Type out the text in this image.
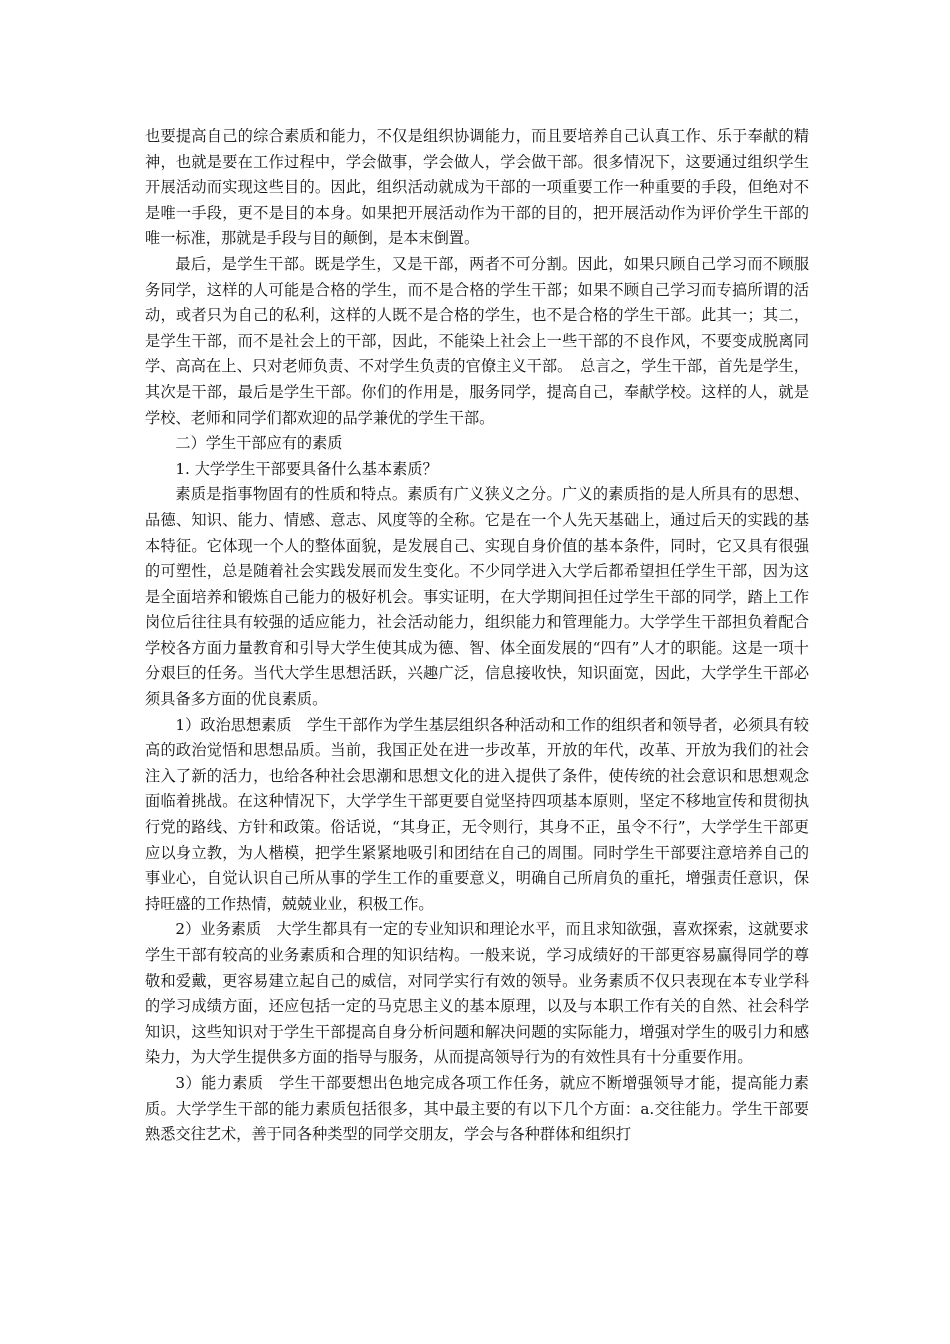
也要提高自己的综合素质和能力，不仅是组织协调能力，而且要培养自己认真工作、乐于奉献的精神，也就是要在工作过程中，学会做事，学会做人，学会做干部。很多情况下，这要通过组织学生开展活动而实现这些目的。因此，组织活动就成为干部的一项重要工作一种重要的手段，但绝对不是唯一手段，更不是目的本身。如果把开展活动作为干部的目的，把开展活动作为评价学生干部的唯一标准，那就是手段与目的颠倒，是本末倒置。

最后，是学生干部。既是学生，又是干部，两者不可分割。因此，如果只顾自己学习而不顾服务同学，这样的人可能是合格的学生，而不是合格的学生干部；如果不顾自己学习而专搞所谓的活动，或者只为自己的私利，这样的人既不是合格的学生，也不是合格的学生干部。此其一；其二，是学生干部，而不是社会上的干部，因此，不能染上社会上一些干部的不良作风，不要变成脱离同学、高高在上、只对老师负责、不对学生负责的官僚主义干部。　总言之，学生干部，首先是学生，其次是干部，最后是学生干部。你们的作用是，服务同学，提高自己，奉献学校。这样的人，就是学校、老师和同学们都欢迎的品学兼优的学生干部。

二）学生干部应有的素质

1. 大学学生干部要具备什么基本素质？

素质是指事物固有的性质和特点。素质有广义狭义之分。广义的素质指的是人所具有的思想、品德、知识、能力、情感、意志、风度等的全称。它是在一个人先天基础上，通过后天的实践的基本特征。它体现一个人的整体面貌，是发展自己、实现自身价值的基本条件，同时，它又具有很强的可塑性，总是随着社会实践发展而发生变化。不少同学进入大学后都希望担任学生干部，因为这是全面培养和锻炼自己能力的极好机会。事实证明，在大学期间担任过学生干部的同学，踏上工作岗位后往往具有较强的适应能力，社会活动能力，组织能力和管理能力。大学学生干部担负着配合学校各方面力量教育和引导大学生使其成为德、智、体全面发展的“四有”人才的职能。这是一项十分艰巨的任务。当代大学生思想活跃，兴趣广泛，信息接收快，知识面宽，因此，大学学生干部必须具备多方面的优良素质。

1）政治思想素质　学生干部作为学生基层组织各种活动和工作的组织者和领导者，必须具有较高的政治觉悟和思想品质。当前，我国正处在进一步改革，开放的年代，改革、开放为我们的社会注入了新的活力，也给各种社会思潮和思想文化的进入提供了条件，使传统的社会意识和思想观念面临着挑战。在这种情况下，大学学生干部更要自觉坚持四项基本原则，坚定不移地宣传和贯彻执行党的路线、方针和政策。俗话说，“其身正，无令则行，其身不正，虽令不行”，大学学生干部更应以身立教，为人楷模，把学生紧紧地吸引和团结在自己的周围。同时学生干部要注意培养自己的事业心，自觉认识自己所从事的学生工作的重要意义，明确自己所肩负的重托，增强责任意识，保持旺盛的工作热情，兢兢业业，积极工作。

2）业务素质　大学生都具有一定的专业知识和理论水平，而且求知欲强，喜欢探索，这就要求学生干部有较高的业务素质和合理的知识结构。一般来说，学习成绩好的干部更容易赢得同学的尊敬和爱戴，更容易建立起自己的威信，对同学实行有效的领导。业务素质不仅只表现在本专业学科的学习成绩方面，还应包括一定的马克思主义的基本原理，以及与本职工作有关的自然、社会科学知识，这些知识对于学生干部提高自身分析问题和解决问题的实际能力，增强对学生的吸引力和感染力，为大学生提供多方面的指导与服务，从而提高领导行为的有效性具有十分重要作用。

3）能力素质　学生干部要想出色地完成各项工作任务，就应不断增强领导才能，提高能力素质。大学学生干部的能力素质包括很多，其中最主要的有以下几个方面：a.交往能力。学生干部要熟悉交往艺术，善于同各种类型的同学交朋友，学会与各种群体和组织打
